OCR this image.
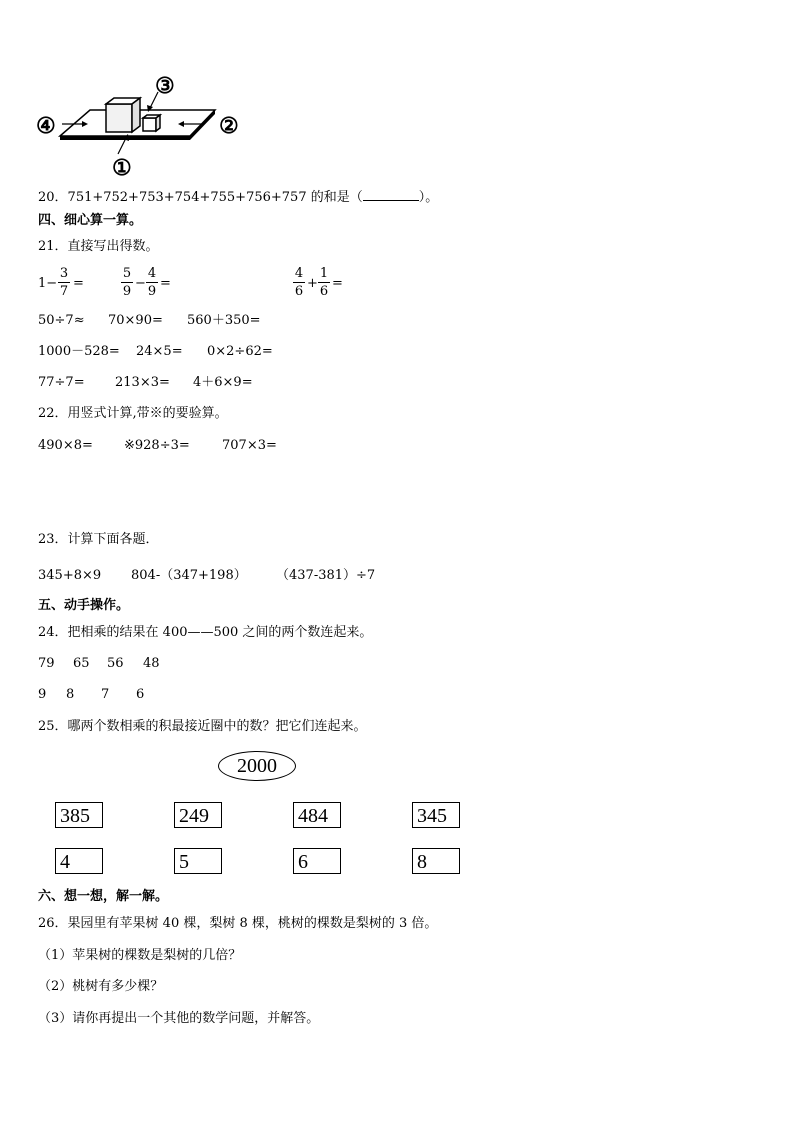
①
②
③
④
20．751+752+753+754+755+756+757 的和是（	）。
四、细心算一算。
21．直接写出得数。
1−
3
7
=
5
9
−
4
9
=
4
6
+
1
6
=
50÷7≈ 70×90= 560＋350=
1000－528= 24×5= 0×2÷62=
77÷7= 213×3= 4＋6×9=
22．用竖式计算,带※的要验算。
490×8= ※928÷3= 707×3=
23．计算下面各题．
345+8×9 804-（347+198） （437-381）÷7
五、动手操作。
24．把相乘的结果在 400——500 之间的两个数连起来。
79 65 56 48
9 8 7 6
25．哪两个数相乘的积最接近圈中的数？把它们连起来。
2000
385	249	484	345
4	5	6	8
六、想一想，解一解。
26．果园里有苹果树 40 棵，梨树 8 棵，桃树的棵数是梨树的 3 倍。
（1）苹果树的棵数是梨树的几倍？
（2）桃树有多少棵？
（3）请你再提出一个其他的数学问题，并解答。
